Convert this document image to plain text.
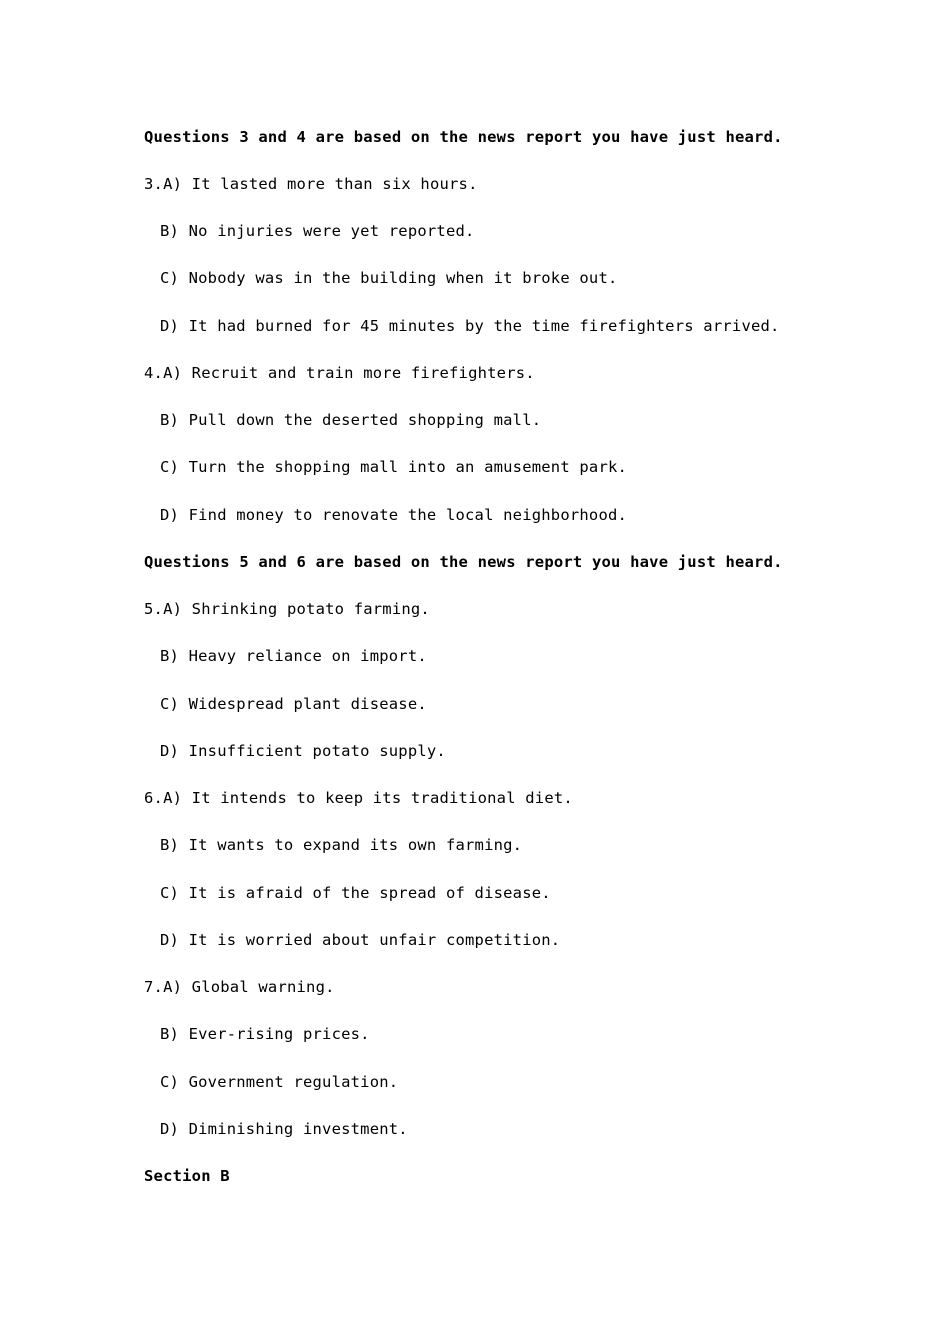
Questions 3 and 4 are based on the news report you have just heard.
3.A) It lasted more than six hours.
B) No injuries were yet reported.
C) Nobody was in the building when it broke out.
D) It had burned for 45 minutes by the time firefighters arrived.
4.A) Recruit and train more firefighters.
B) Pull down the deserted shopping mall.
C) Turn the shopping mall into an amusement park.
D) Find money to renovate the local neighborhood.
Questions 5 and 6 are based on the news report you have just heard.
5.A) Shrinking potato farming.
B) Heavy reliance on import.
C) Widespread plant disease.
D) Insufficient potato supply.
6.A) It intends to keep its traditional diet.
B) It wants to expand its own farming.
C) It is afraid of the spread of disease.
D) It is worried about unfair competition.
7.A) Global warning.
B) Ever-rising prices.
C) Government regulation.
D) Diminishing investment.
Section B
